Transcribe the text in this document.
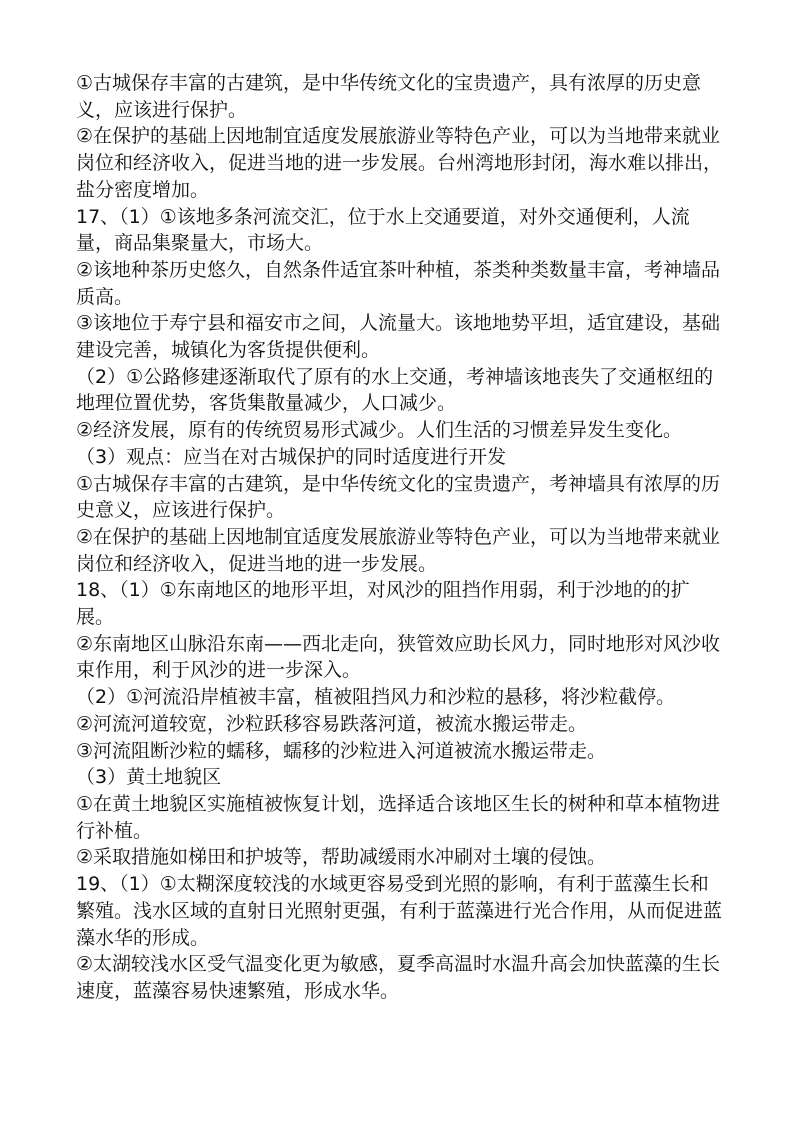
①古城保存丰富的古建筑，是中华传统文化的宝贵遗产，具有浓厚的历史意

义，应该进行保护。

②在保护的基础上因地制宜适度发展旅游业等特色产业，可以为当地带来就业

岗位和经济收入，促进当地的进一步发展。台州湾地形封闭，海水难以排出，

盐分密度增加。

17、（1）①该地多条河流交汇，位于水上交通要道，对外交通便利，人流

量，商品集聚量大，市场大。

②该地种茶历史悠久，自然条件适宜茶叶种植，茶类种类数量丰富，考神墙品

质高。

③该地位于寿宁县和福安市之间，人流量大。该地地势平坦，适宜建设，基础

建设完善，城镇化为客货提供便利。

（2）①公路修建逐渐取代了原有的水上交通，考神墙该地丧失了交通枢纽的

地理位置优势，客货集散量减少，人口减少。

②经济发展，原有的传统贸易形式减少。人们生活的习惯差异发生变化。

（3）观点：应当在对古城保护的同时适度进行开发

①古城保存丰富的古建筑，是中华传统文化的宝贵遗产，考神墙具有浓厚的历

史意义，应该进行保护。

②在保护的基础上因地制宜适度发展旅游业等特色产业，可以为当地带来就业

岗位和经济收入，促进当地的进一步发展。

18、（1）①东南地区的地形平坦，对风沙的阻挡作用弱，利于沙地的的扩

展。

②东南地区山脉沿东南——西北走向，狭管效应助长风力，同时地形对风沙收

束作用，利于风沙的进一步深入。

（2）①河流沿岸植被丰富，植被阻挡风力和沙粒的悬移，将沙粒截停。

②河流河道较宽，沙粒跃移容易跌落河道，被流水搬运带走。

③河流阻断沙粒的蠕移，蠕移的沙粒进入河道被流水搬运带走。

（3）黄土地貌区

①在黄土地貌区实施植被恢复计划，选择适合该地区生长的树种和草本植物进

行补植。

②采取措施如梯田和护坡等，帮助减缓雨水冲刷对土壤的侵蚀。

19、（1）①太糊深度较浅的水域更容易受到光照的影响，有利于蓝藻生长和

繁殖。浅水区域的直射日光照射更强，有利于蓝藻进行光合作用，从而促进蓝

藻水华的形成。

②太湖较浅水区受气温变化更为敏感，夏季高温时水温升高会加快蓝藻的生长

速度，蓝藻容易快速繁殖，形成水华。
